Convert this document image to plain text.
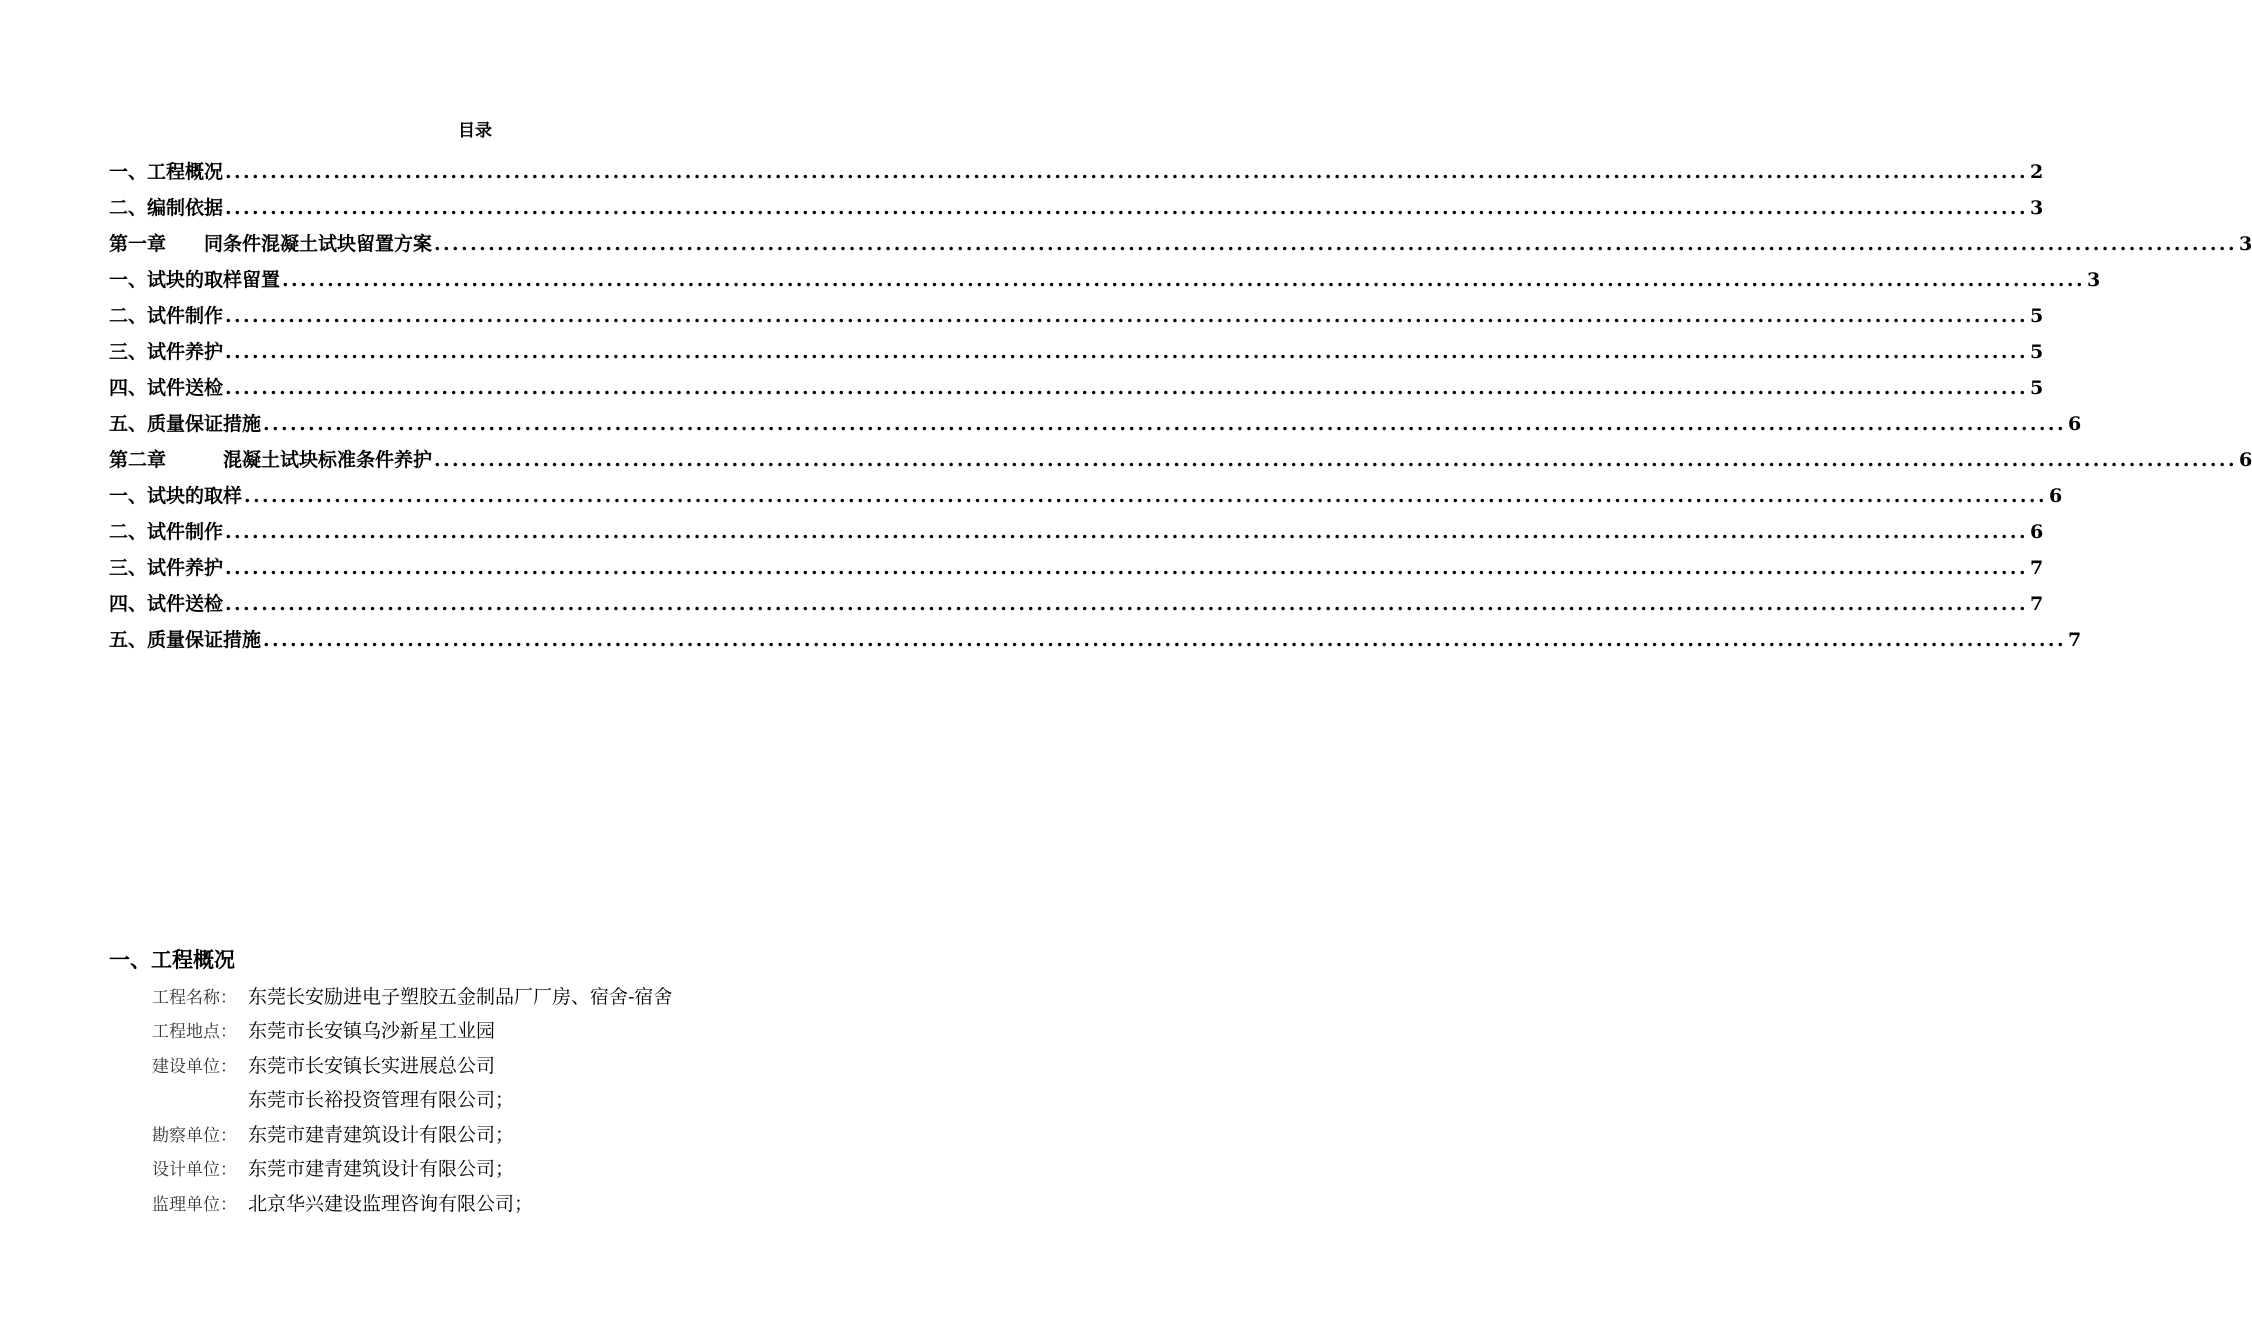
目录
一、工程概况 ........................................................................................................................................................................................................ 2
二、编制依据 ........................................................................................................................................................................................................ 3
第一章　　同条件混凝土试块留置方案 ........................................................................................................................................................................................................ 3
一、试块的取样留置 ........................................................................................................................................................................................................ 3
二、试件制作 ........................................................................................................................................................................................................ 5
三、试件养护 ........................................................................................................................................................................................................ 5
四、试件送检 ........................................................................................................................................................................................................ 5
五、质量保证措施 ........................................................................................................................................................................................................ 6
第二章　　　混凝土试块标准条件养护 ........................................................................................................................................................................................................ 6
一、试块的取样 ........................................................................................................................................................................................................ 6
二、试件制作 ........................................................................................................................................................................................................ 6
三、试件养护 ........................................................................................................................................................................................................ 7
四、试件送检 ........................................................................................................................................................................................................ 7
五、质量保证措施 ........................................................................................................................................................................................................ 7
一、工程概况
工程名称： 东莞长安励进电子塑胶五金制品厂厂房、宿舍-宿舍
工程地点： 东莞市长安镇乌沙新星工业园
建设单位： 东莞市长安镇长实进展总公司
东莞市长裕投资管理有限公司；
勘察单位： 东莞市建青建筑设计有限公司；
设计单位： 东莞市建青建筑设计有限公司；
监理单位： 北京华兴建设监理咨询有限公司；
